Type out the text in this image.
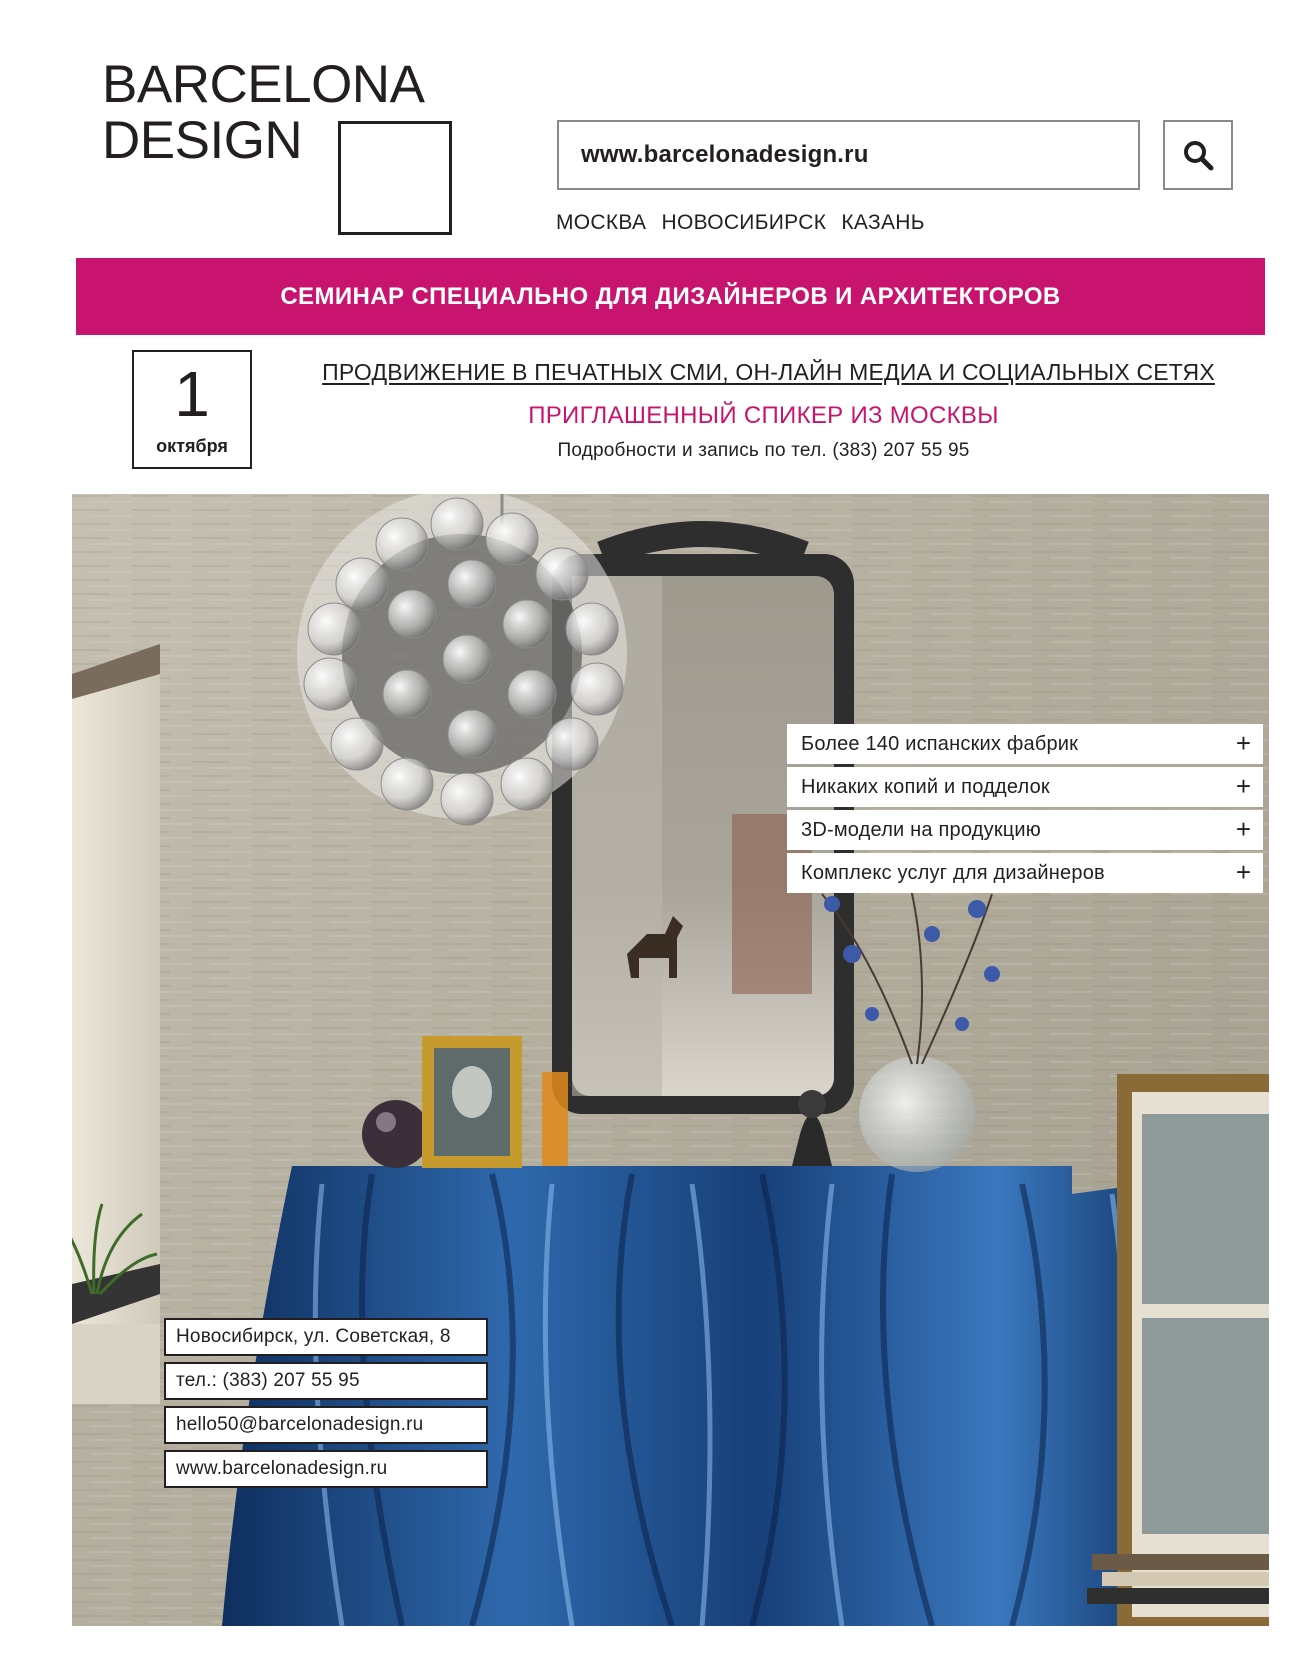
BARCELONA
DESIGN	www.barcelonadesign.ru
МОСКВА НОВОСИБИРСК КАЗАНЬ
СЕМИНАР СПЕЦИАЛЬНО ДЛЯ ДИЗАЙНЕРОВ И АРХИТЕКТОРОВ
1
октября
ПРОДВИЖЕНИЕ В ПЕЧАТНЫХ СМИ, ОН-ЛАЙН МЕДИА И СОЦИАЛЬНЫХ СЕТЯХ
ПРИГЛАШЕННЫЙ СПИКЕР ИЗ МОСКВЫ
Подробности и запись по тел. (383) 207 55 95
Более 140 испанских фабрик	+
Никаких копий и подделок	+
3D-модели на продукцию	+
Комплекс услуг для дизайнеров	+
Новосибирск, ул. Советская, 8
тел.: (383) 207 55 95
hello50@barcelonadesign.ru
www.barcelonadesign.ru
